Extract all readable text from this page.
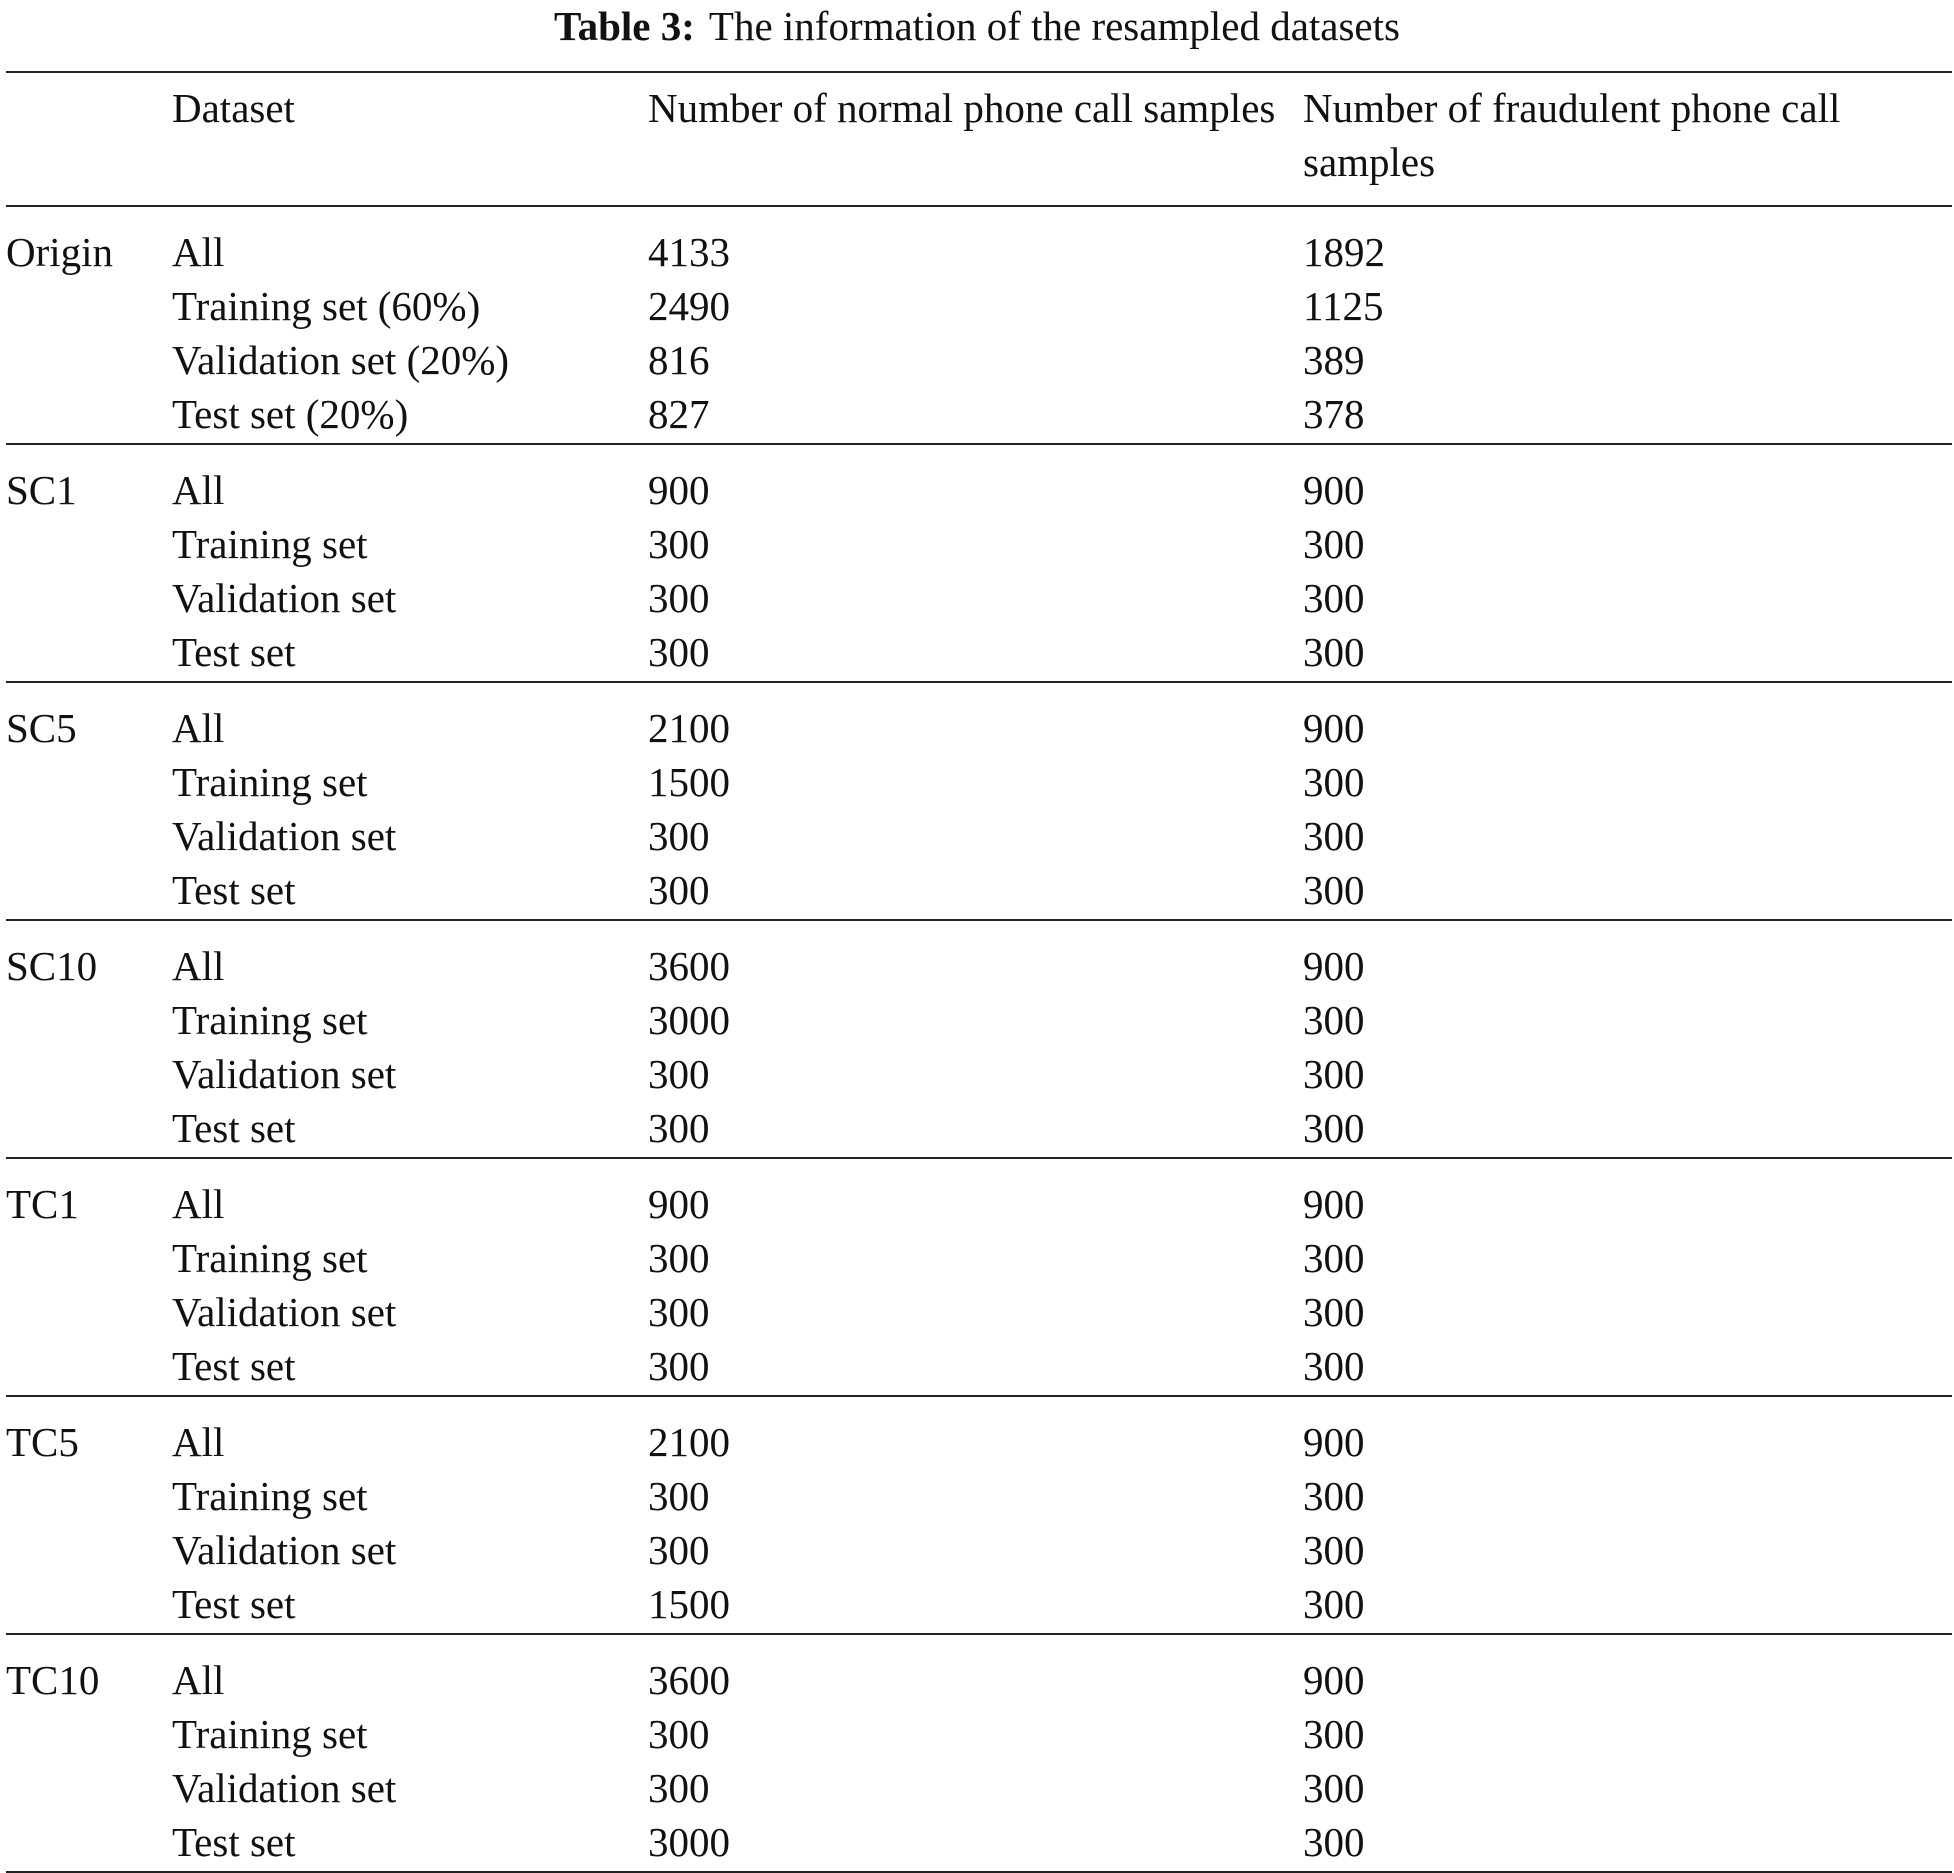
Table 3: The information of the resampled datasets
	Dataset	Number of normal phone call samples	Number of fraudulent phone call samples
Origin	All	4133	1892
	Training set (60%)	2490	1125
	Validation set (20%)	816	389
	Test set (20%)	827	378
SC1	All	900	900
	Training set	300	300
	Validation set	300	300
	Test set	300	300
SC5	All	2100	900
	Training set	1500	300
	Validation set	300	300
	Test set	300	300
SC10	All	3600	900
	Training set	3000	300
	Validation set	300	300
	Test set	300	300
TC1	All	900	900
	Training set	300	300
	Validation set	300	300
	Test set	300	300
TC5	All	2100	900
	Training set	300	300
	Validation set	300	300
	Test set	1500	300
TC10	All	3600	900
	Training set	300	300
	Validation set	300	300
	Test set	3000	300
